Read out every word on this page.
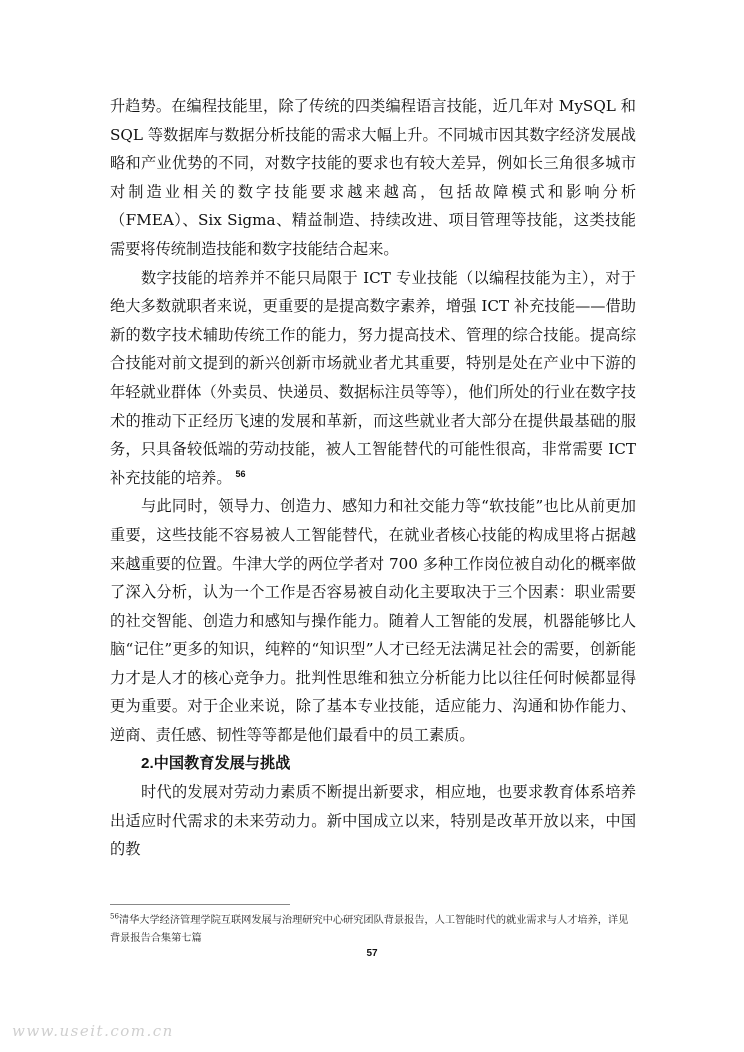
升趋势。在编程技能里，除了传统的四类编程语言技能，近几年对 MySQL 和 SQL 等数据库与数据分析技能的需求大幅上升。不同城市因其数字经济发展战略和产业优势的不同，对数字技能的要求也有较大差异，例如长三角很多城市对制造业相关的数字技能要求越来越高，包括故障模式和影响分析（FMEA）、Six Sigma、精益制造、持续改进、项目管理等技能，这类技能需要将传统制造技能和数字技能结合起来。

数字技能的培养并不能只局限于 ICT 专业技能（以编程技能为主），对于绝大多数就职者来说，更重要的是提高数字素养，增强 ICT 补充技能——借助新的数字技术辅助传统工作的能力，努力提高技术、管理的综合技能。提高综合技能对前文提到的新兴创新市场就业者尤其重要，特别是处在产业中下游的年轻就业群体（外卖员、快递员、数据标注员等等），他们所处的行业在数字技术的推动下正经历飞速的发展和革新，而这些就业者大部分在提供最基础的服务，只具备较低端的劳动技能，被人工智能替代的可能性很高，非常需要 ICT 补充技能的培养。 $^{56}$

与此同时，领导力、创造力、感知力和社交能力等“软技能”也比从前更加重要，这些技能不容易被人工智能替代，在就业者核心技能的构成里将占据越来越重要的位置。牛津大学的两位学者对 700 多种工作岗位被自动化的概率做了深入分析，认为一个工作是否容易被自动化主要取决于三个因素：职业需要的社交智能、创造力和感知与操作能力。随着人工智能的发展，机器能够比人脑“记住”更多的知识，纯粹的“知识型”人才已经无法满足社会的需要，创新能力才是人才的核心竞争力。批判性思维和独立分析能力比以往任何时候都显得更为重要。对于企业来说，除了基本专业技能，适应能力、沟通和协作能力、逆商、责任感、韧性等等都是他们最看中的员工素质。

2.中国教育发展与挑战

时代的发展对劳动力素质不断提出新要求，相应地，也要求教育体系培养出适应时代需求的未来劳动力。新中国成立以来，特别是改革开放以来，中国的教

$^{56}$清华大学经济管理学院互联网发展与治理研究中心研究团队背景报告，人工智能时代的就业需求与人才培养，详见背景报告合集第七篇
57
www.useit.com.cn
